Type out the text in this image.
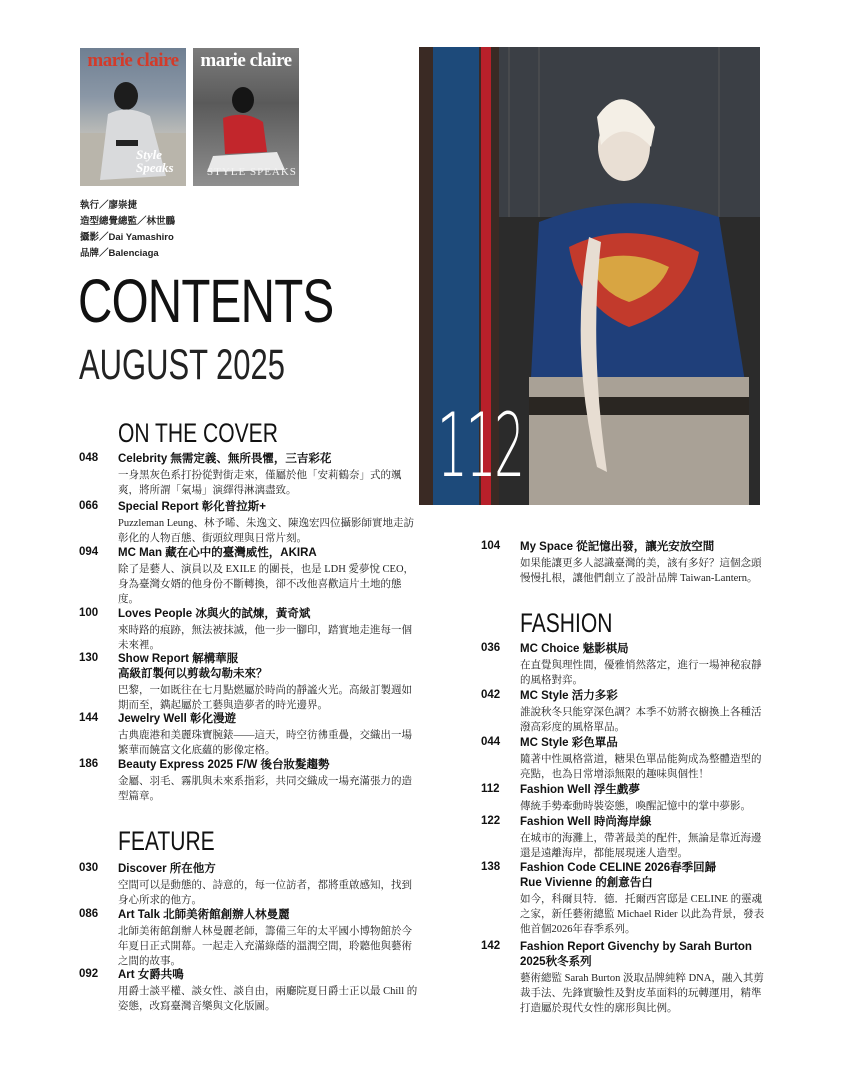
marie claire
Style Speaks
marie claire
STYLE SPEAKS
執行／廖崇捷
造型總覺總監／林世鵬
攝影／Dai Yamashiro
品牌／Balenciaga
CONTENTS
AUGUST 2025
ON THE COVER
048 Celebrity 無需定義、無所畏懼，三吉彩花
一身黑灰色系打扮從對街走來，僅屬於他「安莉鶴奈」式的颯爽，將所謂「氣場」演繹得淋漓盡致。
066 Special Report 彰化普拉斯+
Puzzleman Leung、林予晞、朱逸文、陳逸宏四位攝影師實地走訪彰化的人物百態、街頭紋理與日常片刻。
094 MC Man 藏在心中的臺灣威性，AKIRA
除了是藝人、演員以及 EXILE 的團長，也是 LDH 愛夢悅 CEO，身為臺灣女婿的他身份不斷轉換，卻不改他喜歡這片土地的態度。
100 Loves People 冰與火的試煉，黃奇斌
來時路的痕跡，無法被抹滅，他一步一腳印，踏實地走進每一個未來裡。
130 Show Report 解構華服
高級訂製何以剪裁勾勒未來？
巴黎，一如既往在七月點燃屬於時尚的靜謐火光。高級訂製週如期而至，鐫起屬於工藝與造夢者的時光邊界。
144 Jewelry Well 彰化漫遊
古典鹿港和美麗珠寶腕錶——這天，時空彷彿重疊，交織出一場繁華而饒富文化底蘊的影像定格。
186 Beauty Express 2025 F/W 後台妝髮趨勢
金屬、羽毛、霧肌與未來系指彩，共同交織成一場充滿張力的造型篇章。
FEATURE
030 Discover 所在他方
空間可以是動態的、詩意的，每一位訪者，都將重啟感知，找到身心所求的他方。
086 Art Talk 北師美術館創辦人林曼麗
北師美術館創辦人林曼麗老師，籌備三年的太平國小博物館於今年夏日正式開幕。一起走入充滿綠蔭的溫潤空間，聆聽他與藝術之間的故事。
092 Art 女爵共鳴
用爵士談平權、談女性、談自由，兩廳院夏日爵士正以最 Chill 的姿態，改寫臺灣音樂與文化版圖。
112
104 My Space 從記憶出發，讓光安放空間
如果能讓更多人認識臺灣的美，該有多好？這個念頭慢慢扎根，讓他們創立了設計品牌 Taiwan-Lantern。
FASHION
036 MC Choice 魅影棋局
在直覺與理性間，優雅悄然落定，進行一場神秘寂靜的風格對弈。
042 MC Style 活力多彩
誰說秋冬只能穿深色調？本季不妨將衣櫥換上各種活潑高彩度的風格單品。
044 MC Style 彩色單品
隨著中性風格當道，糖果色單品能夠成為整體造型的亮點，也為日常增添無限的趣味與個性！
112 Fashion Well 浮生戲夢
傳統手勢牽動時裝姿態，喚醒記憶中的掌中夢影。
122 Fashion Well 時尚海岸線
在城市的海灘上，帶著最美的配件，無論是靠近海邊還是遠離海岸，都能展現迷人造型。
138 Fashion Code CELINE 2026春季回歸
Rue Vivienne 的創意告白
如今，科爾貝特．德．托爾西宮邸是 CELINE 的靈魂之家，新任藝術總監 Michael Rider 以此為背景，發表他首個2026年春季系列。
142 Fashion Report Givenchy by Sarah Burton
2025秋冬系列
藝術總監 Sarah Burton 汲取品牌純粹 DNA，融入其剪裁手法、先鋒實驗性及對皮革面料的玩轉運用，精準打造屬於現代女性的廓形與比例。
